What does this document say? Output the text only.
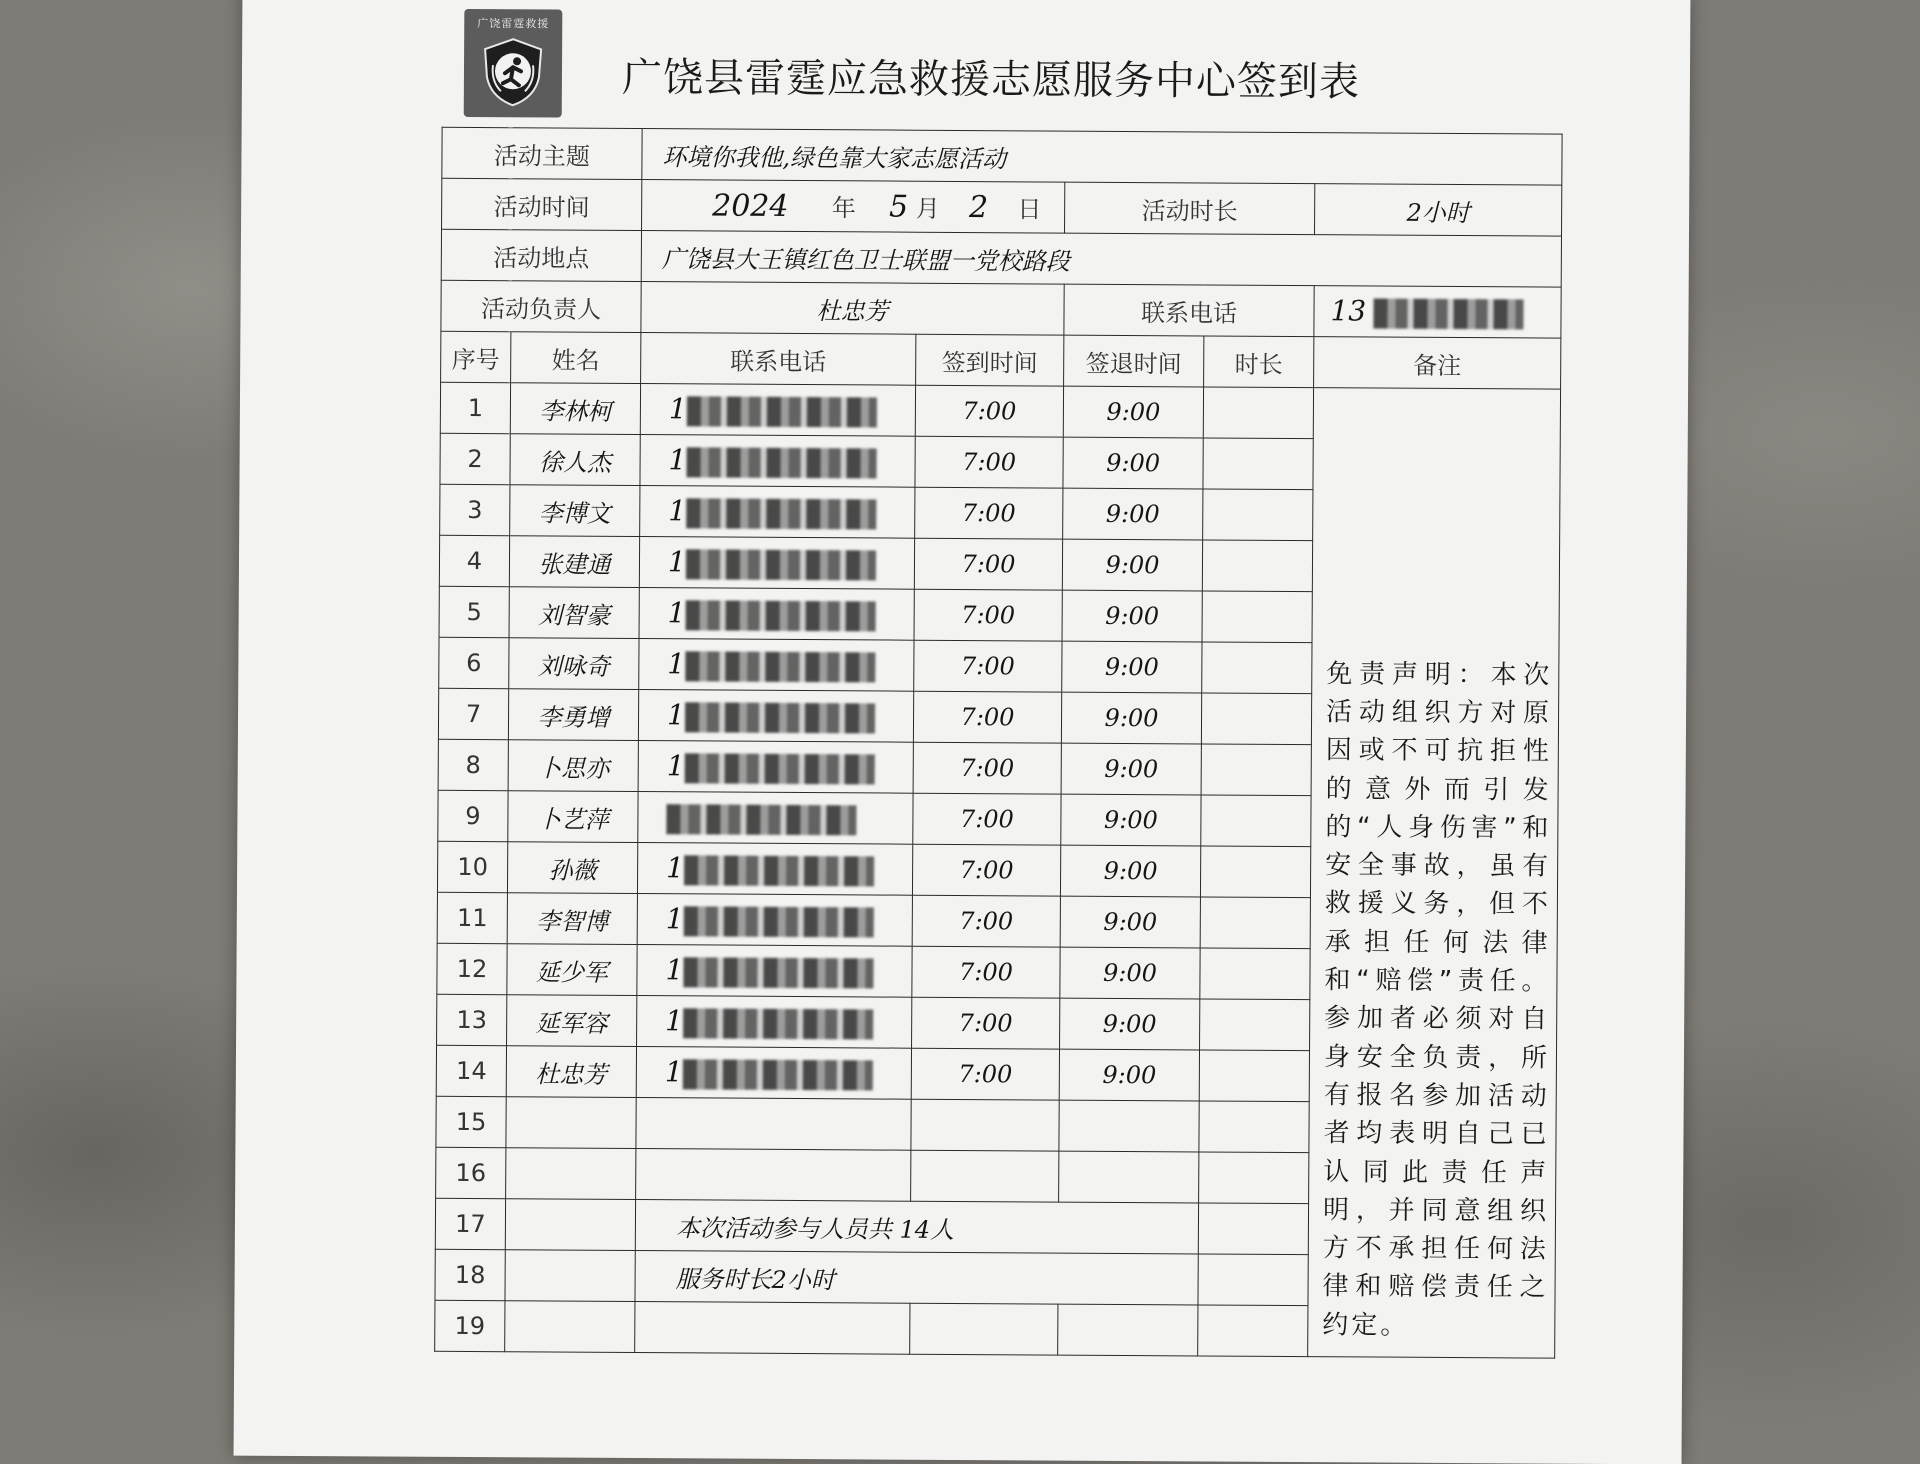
广饶雷霆救援
广饶县雷霆应急救援志愿服务中心签到表
活动主题		环境你我他,绿色靠大家志愿活动				
活动时间		2024 年 5 月 2 日		活动时长		2小时
活动地点		广饶县大王镇红色卫士联盟一党校路段				
活动负责人		杜忠芳		联系电话		13
序号	姓名	联系电话	签到时间	签退时间	时长	备注
1	李林柯	1	7:00	9:00		免责声明：本次活动组织方对原因或不可抗拒性的意外而引发的“人身伤害”和安全事故，虽有救援义务，但不承担任何法律和“赔偿”责任。参加者必须对自身安全负责，所有报名参加活动者均表明自己已认同此责任声明，并同意组织方不承担任何法律和赔偿责任之约定。
2	徐人杰	1	7:00	9:00		
3	李博文	1	7:00	9:00		
4	张建通	1	7:00	9:00		
5	刘智豪	1	7:00	9:00		
6	刘咏奇	1	7:00	9:00		
7	李勇增	1	7:00	9:00		
8	卜思亦	1	7:00	9:00		
9	卜艺萍		7:00	9:00		
10	孙薇	1	7:00	9:00		
11	李智博	1	7:00	9:00		
12	延少军	1	7:00	9:00		
13	延军容	1	7:00	9:00		
14	杜忠芳	1	7:00	9:00		
15						
16						
17		本次活动参与人员共 14人				
18		服务时长2小时				
19						
